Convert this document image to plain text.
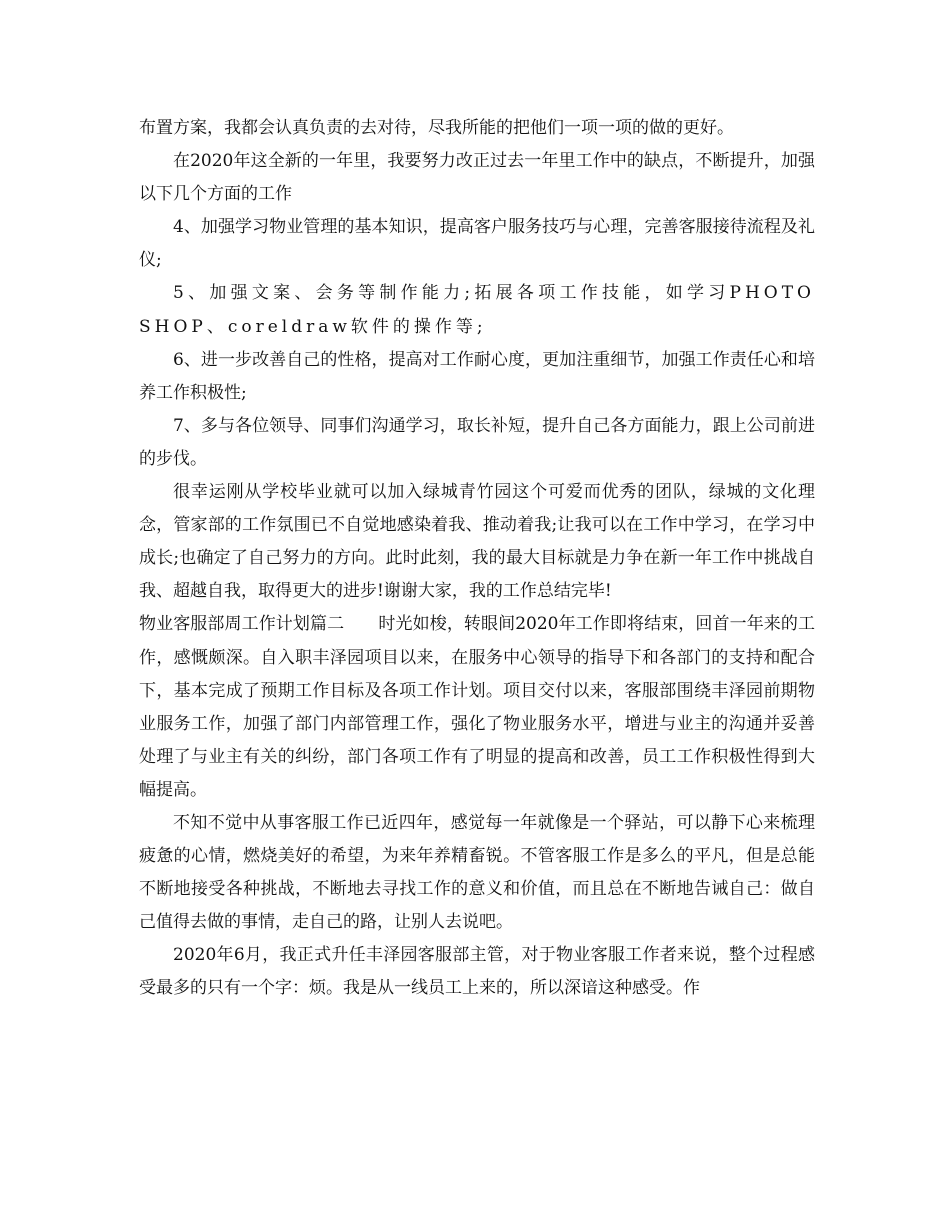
布置方案，我都会认真负责的去对待，尽我所能的把他们一项一项的做的更好。

在2020年这全新的一年里，我要努力改正过去一年里工作中的缺点，不断提升，加强以下几个方面的工作

4、加强学习物业管理的基本知识，提高客户服务技巧与心理，完善客服接待流程及礼仪;

5、加强文案、会务等制作能力;拓展各项工作技能，如学习PHOTOSHOP、coreldraw软件的操作等;

6、进一步改善自己的性格，提高对工作耐心度，更加注重细节，加强工作责任心和培养工作积极性;

7、多与各位领导、同事们沟通学习，取长补短，提升自己各方面能力，跟上公司前进的步伐。

很幸运刚从学校毕业就可以加入绿城青竹园这个可爱而优秀的团队，绿城的文化理念，管家部的工作氛围已不自觉地感染着我、推动着我;让我可以在工作中学习，在学习中成长;也确定了自己努力的方向。此时此刻，我的最大目标就是力争在新一年工作中挑战自我、超越自我，取得更大的进步!谢谢大家，我的工作总结完毕!

物业客服部周工作计划篇二　　时光如梭，转眼间2020年工作即将结束，回首一年来的工作，感慨颇深。自入职丰泽园项目以来，在服务中心领导的指导下和各部门的支持和配合下，基本完成了预期工作目标及各项工作计划。项目交付以来，客服部围绕丰泽园前期物业服务工作，加强了部门内部管理工作，强化了物业服务水平，增进与业主的沟通并妥善处理了与业主有关的纠纷，部门各项工作有了明显的提高和改善，员工工作积极性得到大幅提高。

不知不觉中从事客服工作已近四年，感觉每一年就像是一个驿站，可以静下心来梳理疲惫的心情，燃烧美好的希望，为来年养精畜锐。不管客服工作是多么的平凡，但是总能不断地接受各种挑战，不断地去寻找工作的意义和价值，而且总在不断地告诫自己：做自己值得去做的事情，走自己的路，让别人去说吧。

2020年6月，我正式升任丰泽园客服部主管，对于物业客服工作者来说，整个过程感受最多的只有一个字：烦。我是从一线员工上来的，所以深谙这种感受。作
